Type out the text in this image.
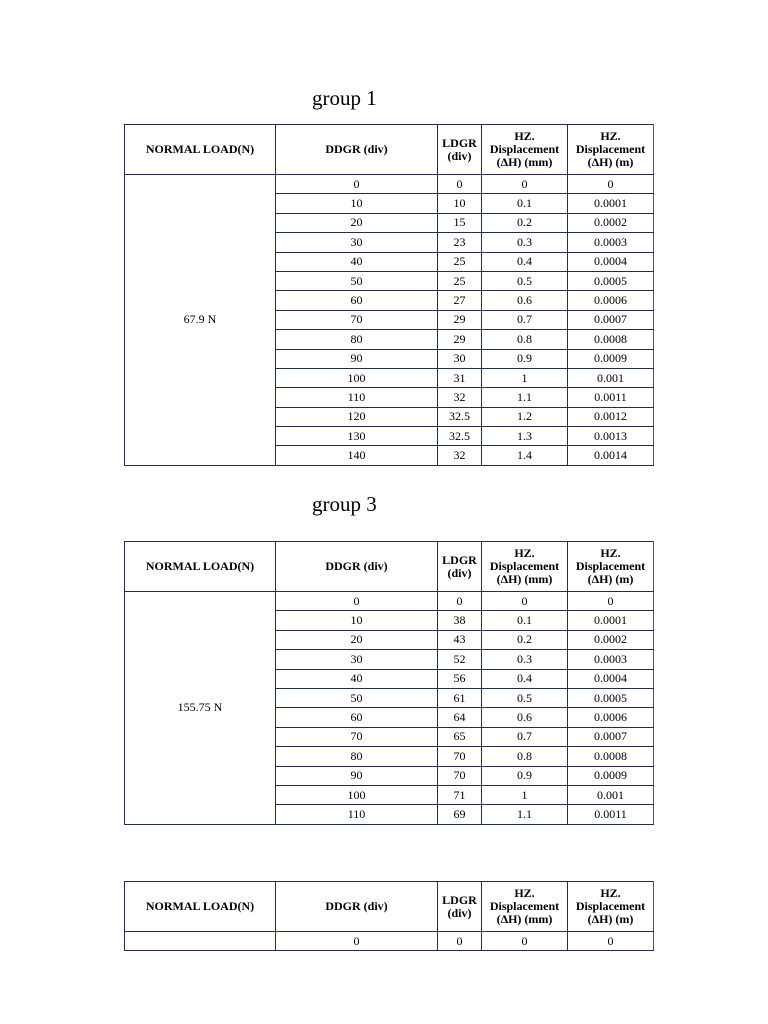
group 1
NORMAL LOAD(N)	DDGR (div)	LDGR (div)	HZ. Displacement (ΔH) (mm)	HZ. Displacement (ΔH) (m)
67.9 N	0	0	0	0
	10	10	0.1	0.0001
	20	15	0.2	0.0002
	30	23	0.3	0.0003
	40	25	0.4	0.0004
	50	25	0.5	0.0005
	60	27	0.6	0.0006
	70	29	0.7	0.0007
	80	29	0.8	0.0008
	90	30	0.9	0.0009
	100	31	1	0.001
	110	32	1.1	0.0011
	120	32.5	1.2	0.0012
	130	32.5	1.3	0.0013
	140	32	1.4	0.0014
group 3
NORMAL LOAD(N)	DDGR (div)	LDGR (div)	HZ. Displacement (ΔH) (mm)	HZ. Displacement (ΔH) (m)
155.75 N	0	0	0	0
	10	38	0.1	0.0001
	20	43	0.2	0.0002
	30	52	0.3	0.0003
	40	56	0.4	0.0004
	50	61	0.5	0.0005
	60	64	0.6	0.0006
	70	65	0.7	0.0007
	80	70	0.8	0.0008
	90	70	0.9	0.0009
	100	71	1	0.001
	110	69	1.1	0.0011
NORMAL LOAD(N)	DDGR (div)	LDGR (div)	HZ. Displacement (ΔH) (mm)	HZ. Displacement (ΔH) (m)
	0	0	0	0
